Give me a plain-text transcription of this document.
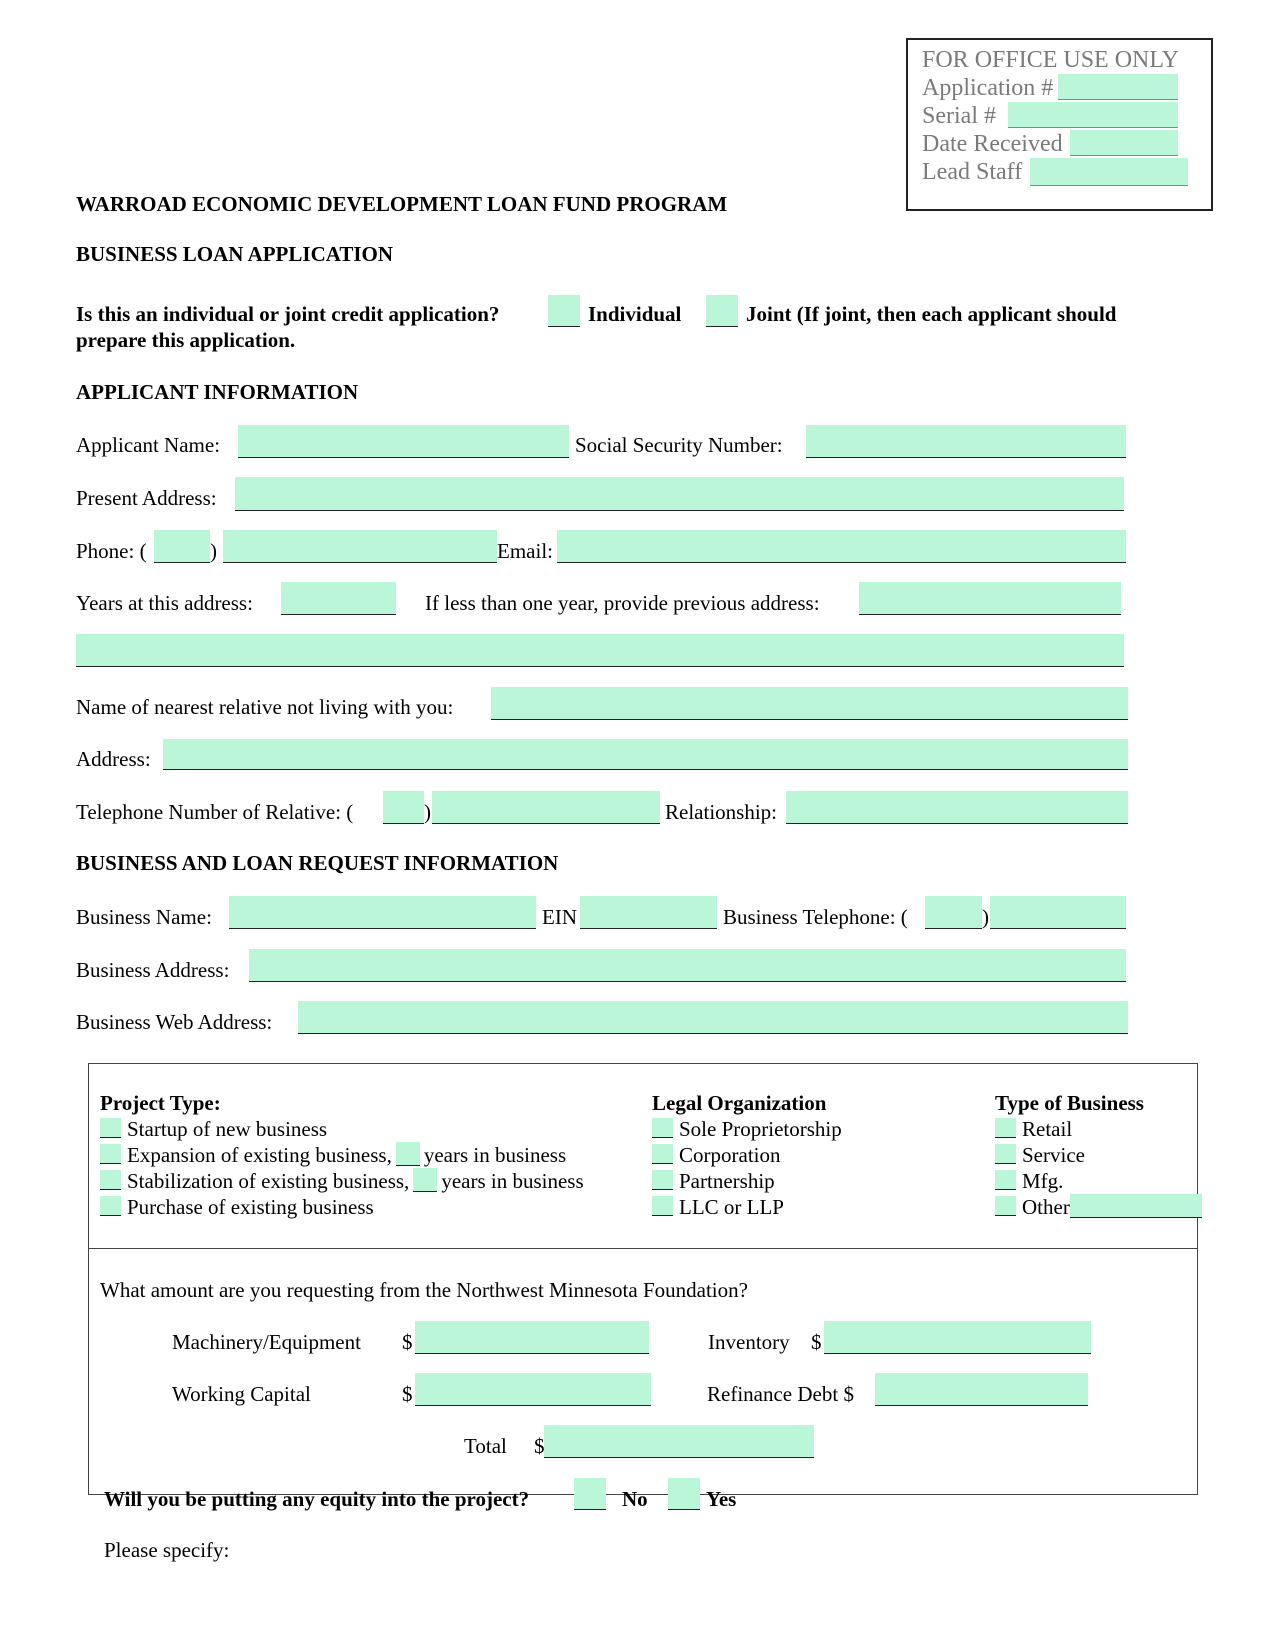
FOR OFFICE USE ONLY
Application #
Serial #
Date Received
Lead Staff
WARROAD ECONOMIC DEVELOPMENT LOAN FUND PROGRAM
BUSINESS LOAN APPLICATION
Is this an individual or joint credit application?	Individual	Joint (If joint, then each applicant should
prepare this application.
APPLICANT INFORMATION
Applicant Name:	Social Security Number:
Present Address:
Phone: (	)	Email:
Years at this address:	If less than one year, provide previous address:
Name of nearest relative not living with you:
Address:
Telephone Number of Relative: (	)	Relationship:
BUSINESS AND LOAN REQUEST INFORMATION
Business Name:	EIN	Business Telephone: (	)
Business Address:
Business Web Address:
Project Type:
Startup of new business
Expansion of existing business, years in business
Stabilization of existing business, years in business
Purchase of existing business
Legal Organization
Sole Proprietorship
Corporation
Partnership
LLC or LLP
Type of Business
Retail
Service
Mfg.
Other
What amount are you requesting from the Northwest Minnesota Foundation?
Machinery/Equipment $	Inventory $
Working Capital	$	Refinance Debt $
Total $
Will you be putting any equity into the project?	No	Yes
Please specify:
